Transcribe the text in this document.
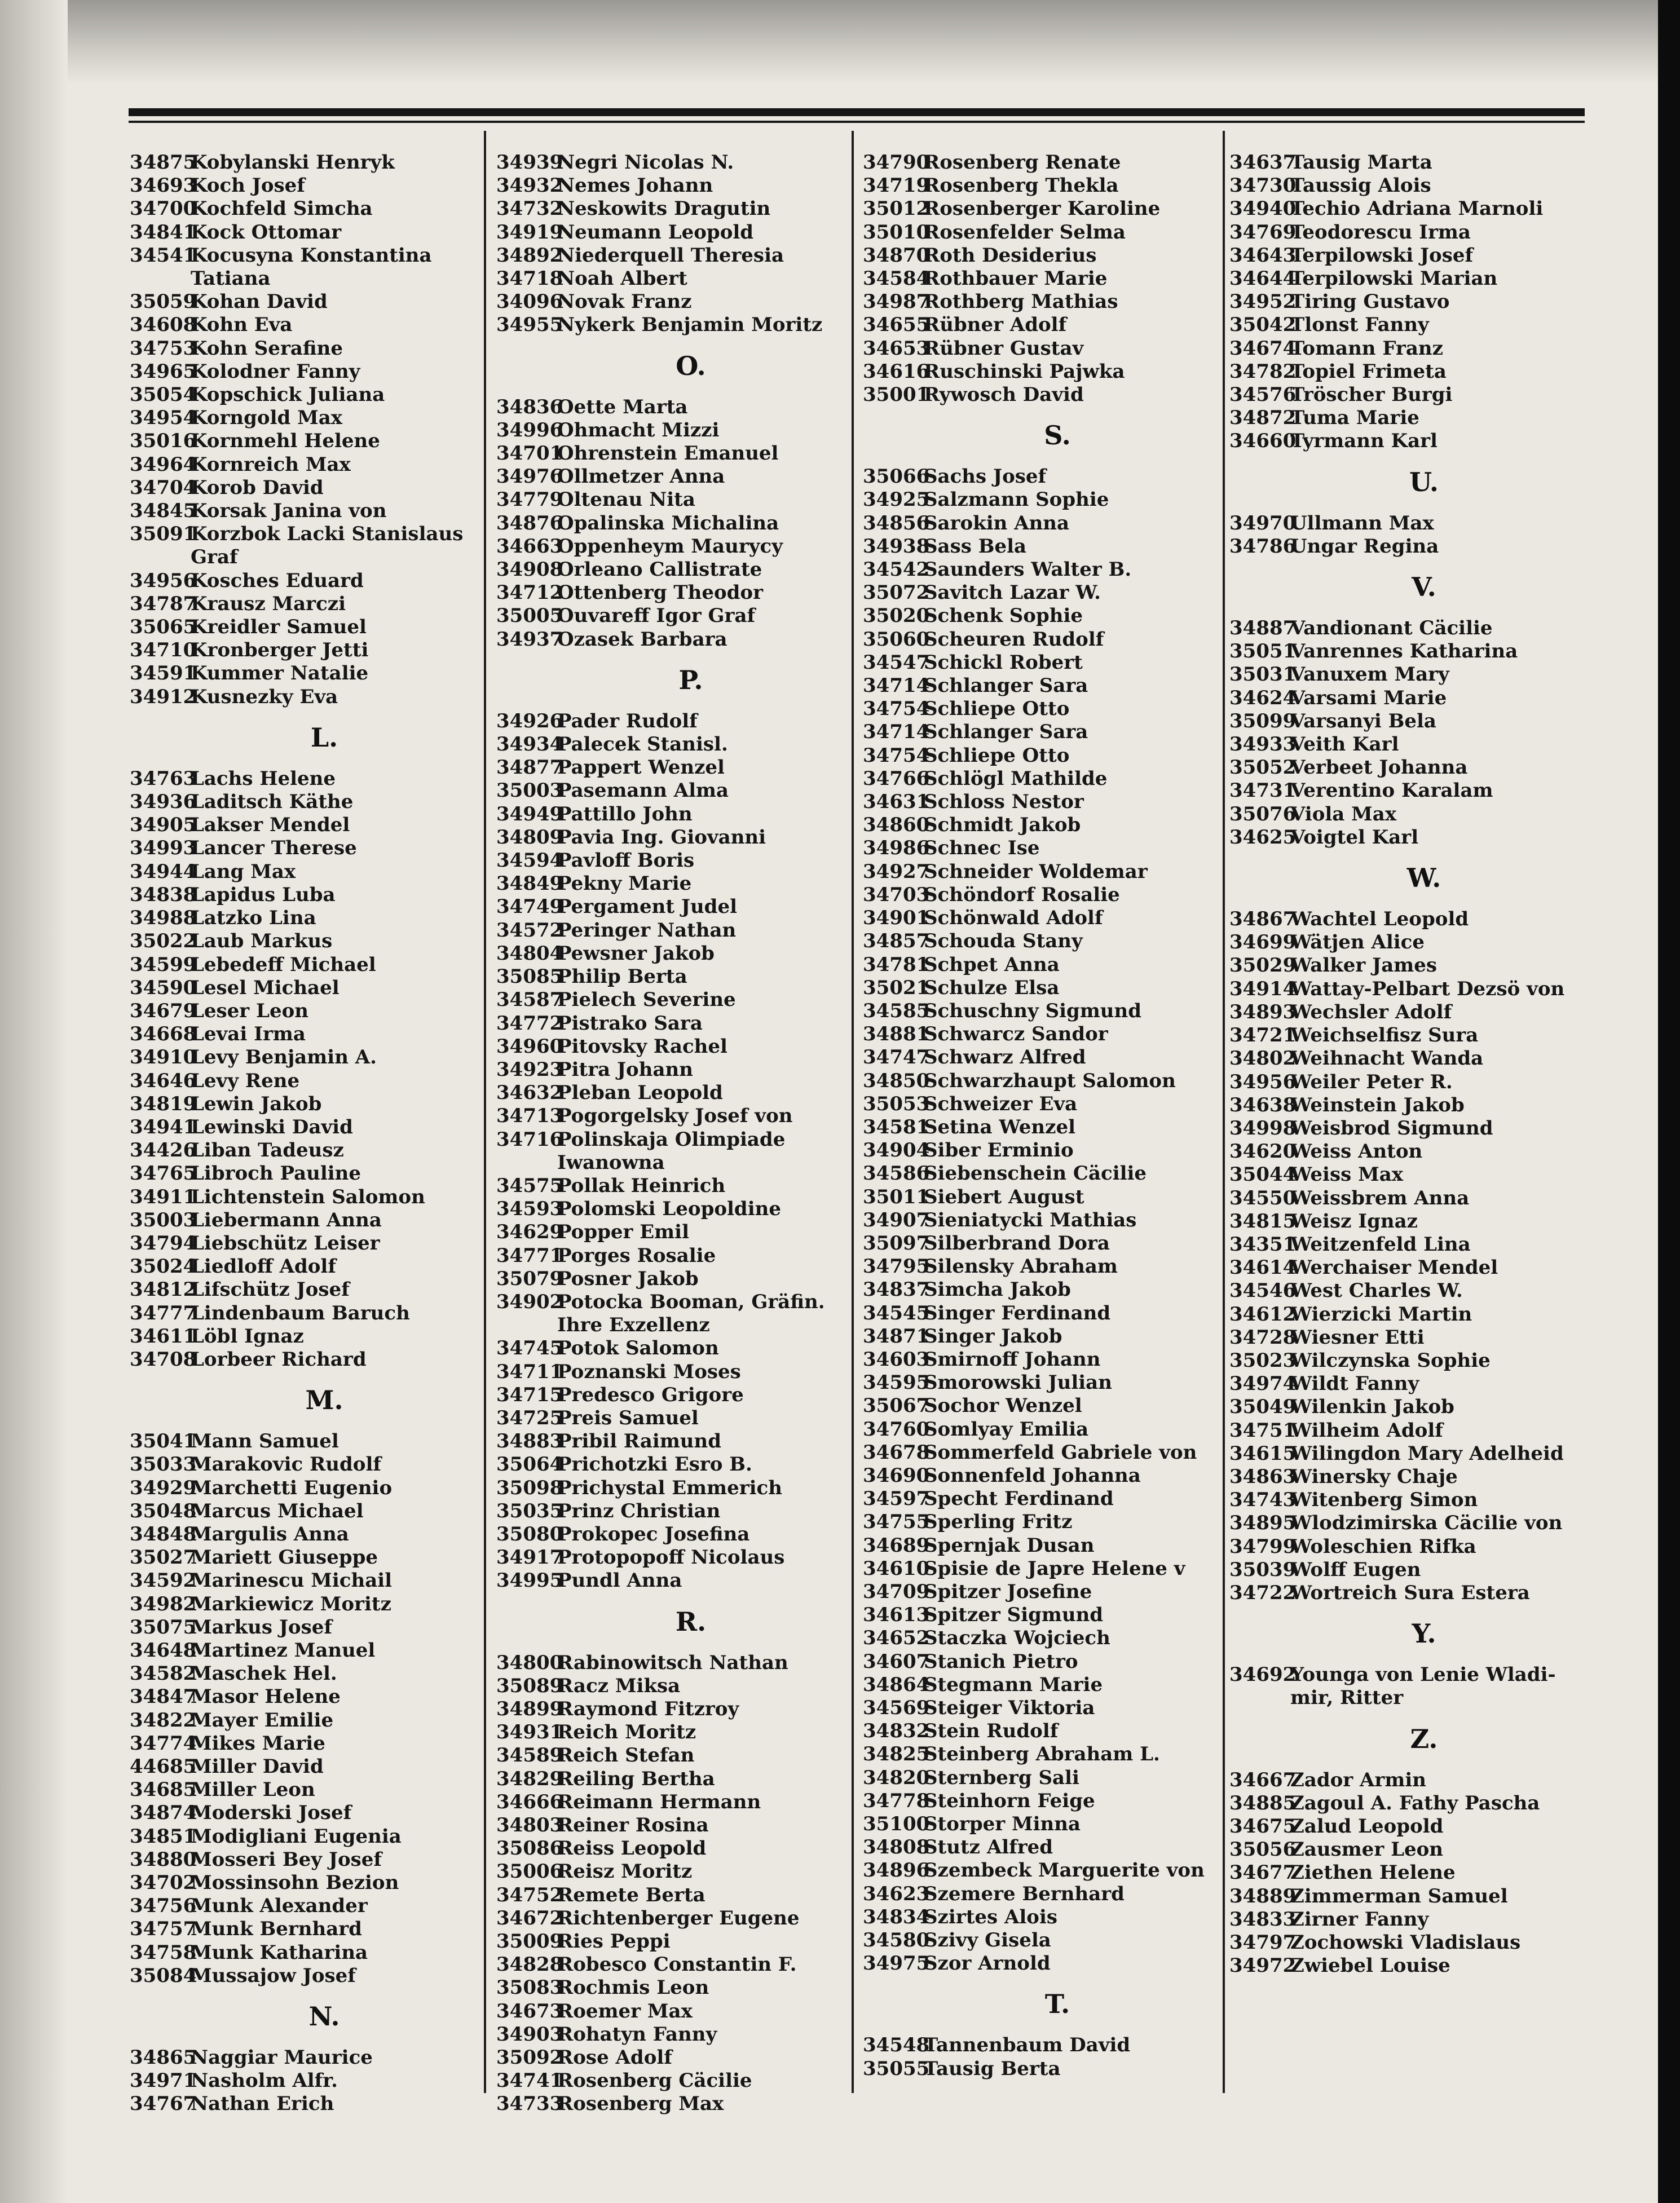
34875
Kobylanski Henryk
34693
Koch Josef
34700
Kochfeld Simcha
34841
Kock Ottomar
34541
Kocusyna Konstantina
Tatiana
35059
Kohan David
34608
Kohn Eva
34753
Kohn Serafine
34965
Kolodner Fanny
35054
Kopschick Juliana
34954
Korngold Max
35016
Kornmehl Helene
34964
Kornreich Max
34704
Korob David
34845
Korsak Janina von
35091
Korzbok Lacki Stanislaus
Graf
34956
Kosches Eduard
34787
Krausz Marczi
35065
Kreidler Samuel
34710
Kronberger Jetti
34591
Kummer Natalie
34912
Kusnezky Eva
L.
34763
Lachs Helene
34936
Laditsch Käthe
34905
Lakser Mendel
34993
Lancer Therese
34944
Lang Max
34838
Lapidus Luba
34988
Latzko Lina
35022
Laub Markus
34599
Lebedeff Michael
34590
Lesel Michael
34679
Leser Leon
34668
Levai Irma
34910
Levy Benjamin A.
34646
Levy Rene
34819
Lewin Jakob
34941
Lewinski David
34426
Liban Tadeusz
34765
Libroch Pauline
34911
Lichtenstein Salomon
35003
Liebermann Anna
34794
Liebschütz Leiser
35024
Liedloff Adolf
34812
Lifschütz Josef
34777
Lindenbaum Baruch
34611
Löbl Ignaz
34708
Lorbeer Richard
M.
35041
Mann Samuel
35033
Marakovic Rudolf
34929
Marchetti Eugenio
35048
Marcus Michael
34848
Margulis Anna
35027
Mariett Giuseppe
34592
Marinescu Michail
34982
Markiewicz Moritz
35075
Markus Josef
34648
Martinez Manuel
34582
Maschek Hel.
34847
Masor Helene
34822
Mayer Emilie
34774
Mikes Marie
44685
Miller David
34685
Miller Leon
34874
Moderski Josef
34851
Modigliani Eugenia
34880
Mosseri Bey Josef
34702
Mossinsohn Bezion
34756
Munk Alexander
34757
Munk Bernhard
34758
Munk Katharina
35084
Mussajow Josef
N.
34865
Naggiar Maurice
34971
Nasholm Alfr.
34767
Nathan Erich
34939
Negri Nicolas N.
34932
Nemes Johann
34732
Neskowits Dragutin
34919
Neumann Leopold
34892
Niederquell Theresia
34718
Noah Albert
34096
Novak Franz
34955
Nykerk Benjamin Moritz
O.
34836
Oette Marta
34996
Ohmacht Mizzi
34701
Ohrenstein Emanuel
34976
Ollmetzer Anna
34779
Oltenau Nita
34876
Opalinska Michalina
34663
Oppenheym Maurycy
34908
Orleano Callistrate
34712
Ottenberg Theodor
35005
Ouvareff Igor Graf
34937
Ozasek Barbara
P.
34926
Pader Rudolf
34934
Palecek Stanisl.
34877
Pappert Wenzel
35003
Pasemann Alma
34949
Pattillo John
34809
Pavia Ing. Giovanni
34594
Pavloff Boris
34849
Pekny Marie
34749
Pergament Judel
34572
Peringer Nathan
34804
Pewsner Jakob
35085
Philip Berta
34587
Pielech Severine
34772
Pistrako Sara
34960
Pitovsky Rachel
34923
Pitra Johann
34632
Pleban Leopold
34713
Pogorgelsky Josef von
34716
Polinskaja Olimpiade
Iwanowna
34575
Pollak Heinrich
34593
Polomski Leopoldine
34629
Popper Emil
34771
Porges Rosalie
35079
Posner Jakob
34902
Potocka Booman, Gräfin.
Ihre Exzellenz
34745
Potok Salomon
34711
Poznanski Moses
34715
Predesco Grigore
34725
Preis Samuel
34883
Pribil Raimund
35064
Prichotzki Esro B.
35098
Prichystal Emmerich
35035
Prinz Christian
35080
Prokopec Josefina
34917
Protopopoff Nicolaus
34995
Pundl Anna
R.
34800
Rabinowitsch Nathan
35089
Racz Miksa
34899
Raymond Fitzroy
34931
Reich Moritz
34589
Reich Stefan
34829
Reiling Bertha
34666
Reimann Hermann
34803
Reiner Rosina
35086
Reiss Leopold
35006
Reisz Moritz
34752
Remete Berta
34672
Richtenberger Eugene
35009
Ries Peppi
34828
Robesco Constantin F.
35083
Rochmis Leon
34673
Roemer Max
34903
Rohatyn Fanny
35092
Rose Adolf
34741
Rosenberg Cäcilie
34733
Rosenberg Max
34790
Rosenberg Renate
34719
Rosenberg Thekla
35012
Rosenberger Karoline
35010
Rosenfelder Selma
34870
Roth Desiderius
34584
Rothbauer Marie
34987
Rothberg Mathias
34655
Rübner Adolf
34653
Rübner Gustav
34616
Ruschinski Pajwka
35001
Rywosch David
S.
35066
Sachs Josef
34925
Salzmann Sophie
34856
Sarokin Anna
34938
Sass Bela
34542
Saunders Walter B.
35072
Savitch Lazar W.
35020
Schenk Sophie
35060
Scheuren Rudolf
34547
Schickl Robert
34714
Schlanger Sara
34754
Schliepe Otto
34714
Schlanger Sara
34754
Schliepe Otto
34766
Schlögl Mathilde
34631
Schloss Nestor
34860
Schmidt Jakob
34986
Schnec Ise
34927
Schneider Woldemar
34703
Schöndorf Rosalie
34901
Schönwald Adolf
34857
Schouda Stany
34781
Schpet Anna
35021
Schulze Elsa
34585
Schuschny Sigmund
34881
Schwarcz Sandor
34747
Schwarz Alfred
34850
Schwarzhaupt Salomon
35053
Schweizer Eva
34581
Setina Wenzel
34904
Siber Erminio
34586
Siebenschein Cäcilie
35011
Siebert August
34907
Sieniatycki Mathias
35097
Silberbrand Dora
34795
Silensky Abraham
34837
Simcha Jakob
34545
Singer Ferdinand
34871
Singer Jakob
34603
Smirnoff Johann
34595
Smorowski Julian
35067
Sochor Wenzel
34760
Somlyay Emilia
34678
Sommerfeld Gabriele von
34690
Sonnenfeld Johanna
34597
Specht Ferdinand
34755
Sperling Fritz
34689
Spernjak Dusan
34610
Spisie de Japre Helene v
34709
Spitzer Josefine
34613
Spitzer Sigmund
34652
Staczka Wojciech
34607
Stanich Pietro
34864
Stegmann Marie
34569
Steiger Viktoria
34832
Stein Rudolf
34825
Steinberg Abraham L.
34820
Sternberg Sali
34778
Steinhorn Feige
35100
Storper Minna
34808
Stutz Alfred
34896
Szembeck Marguerite von
34623
Szemere Bernhard
34834
Szirtes Alois
34580
Szivy Gisela
34975
Szor Arnold
T.
34548
Tannenbaum David
35055
Tausig Berta
34637
Tausig Marta
34730
Taussig Alois
34940
Techio Adriana Marnoli
34769
Teodorescu Irma
34643
Terpilowski Josef
34644
Terpilowski Marian
34952
Tiring Gustavo
35042
Tlonst Fanny
34674
Tomann Franz
34782
Topiel Frimeta
34576
Tröscher Burgi
34872
Tuma Marie
34660
Tyrmann Karl
U.
34970
Ullmann Max
34786
Ungar Regina
V.
34887
Vandionant Cäcilie
35051
Vanrennes Katharina
35031
Vanuxem Mary
34624
Varsami Marie
35099
Varsanyi Bela
34933
Veith Karl
35052
Verbeet Johanna
34731
Verentino Karalam
35076
Viola Max
34625
Voigtel Karl
W.
34867
Wachtel Leopold
34699
Wätjen Alice
35029
Walker James
34914
Wattay-Pelbart Dezsö von
34893
Wechsler Adolf
34721
Weichselfisz Sura
34802
Weihnacht Wanda
34956
Weiler Peter R.
34638
Weinstein Jakob
34998
Weisbrod Sigmund
34620
Weiss Anton
35044
Weiss Max
34550
Weissbrem Anna
34815
Weisz Ignaz
34351
Weitzenfeld Lina
34614
Werchaiser Mendel
34546
West Charles W.
34612
Wierzicki Martin
34728
Wiesner Etti
35023
Wilczynska Sophie
34974
Wildt Fanny
35049
Wilenkin Jakob
34751
Wilheim Adolf
34615
Wilingdon Mary Adelheid
34863
Winersky Chaje
34743
Witenberg Simon
34895
Wlodzimirska Cäcilie von
34799
Woleschien Rifka
35039
Wolff Eugen
34722
Wortreich Sura Estera
Y.
34692
Younga von Lenie Wladi-
mir, Ritter
Z.
34667
Zador Armin
34885
Zagoul A. Fathy Pascha
34675
Zalud Leopold
35056
Zausmer Leon
34677
Ziethen Helene
34889
Zimmerman Samuel
34833
Zirner Fanny
34797
Zochowski Vladislaus
34972
Zwiebel Louise
